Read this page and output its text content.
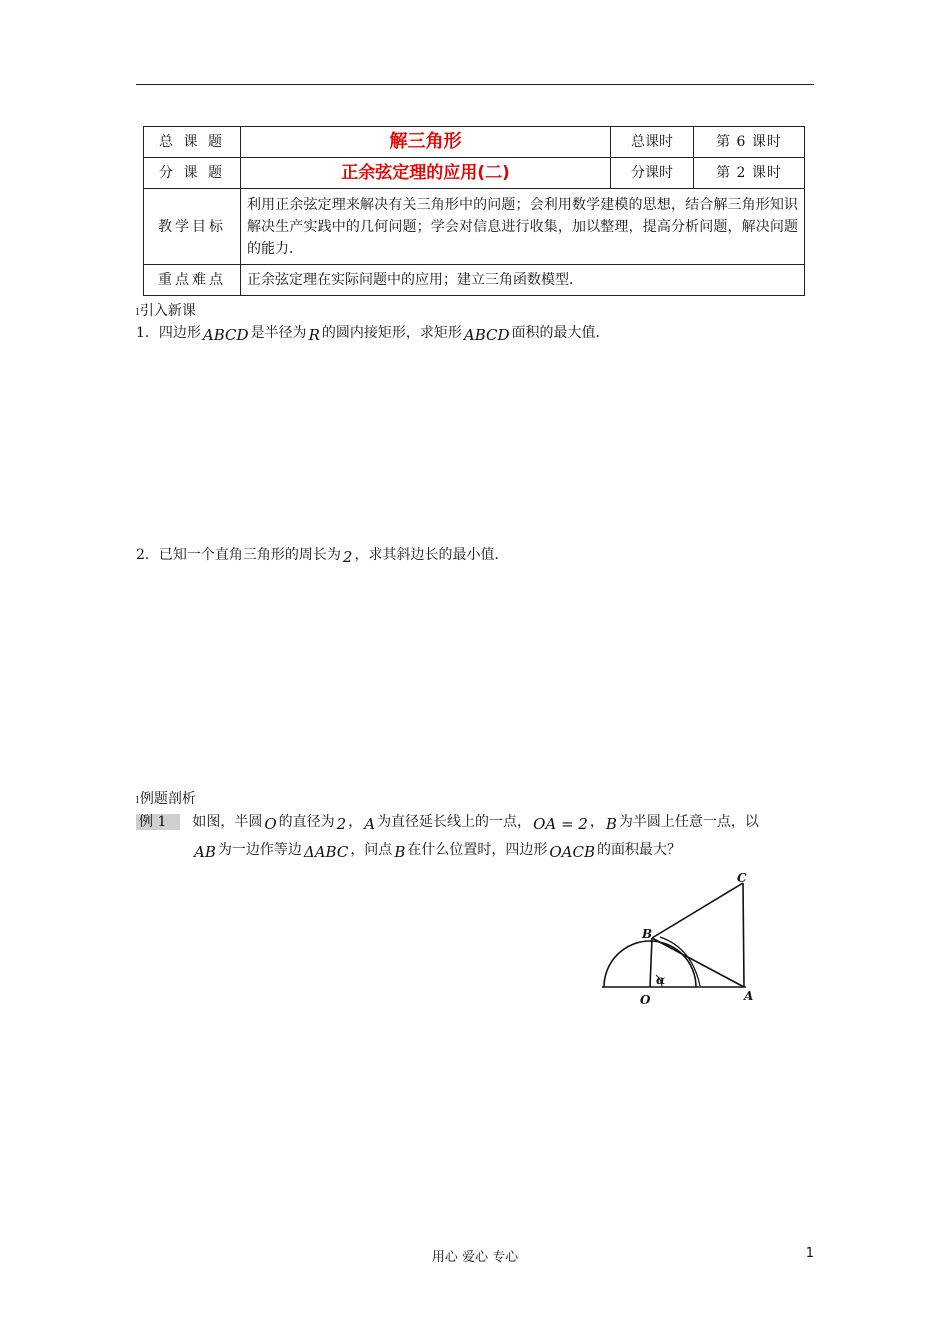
总 课 题	解三角形	总课时	第 6 课时
分 课 题	正余弦定理的应用(二)	分课时	第 2 课时
教学目标	利用正余弦定理来解决有关三角形中的问题；会利用数学建模的思想，结合解三角形知识解决生产实践中的几何问题；学会对信息进行收集，加以整理，提高分析问题，解决问题的能力．		
重点难点	正余弦定理在实际问题中的应用；建立三角函数模型．		
l引入新课
1．四边形 ABCD 是半径为 R 的圆内接矩形，求矩形 ABCD 面积的最大值．
2．已知一个直角三角形的周长为 2 ，求其斜边长的最小值．
l例题剖析
例 1 如图，半圆 O 的直径为 2 ， A 为直径延长线上的一点， OA = 2 ， B 为半圆上任意一点，以
AB 为一边作等边 ΔABC ，问点 B 在什么位置时，四边形 OACB 的面积最大？
B
C
A
O
α
用心 爱心 专心	1
